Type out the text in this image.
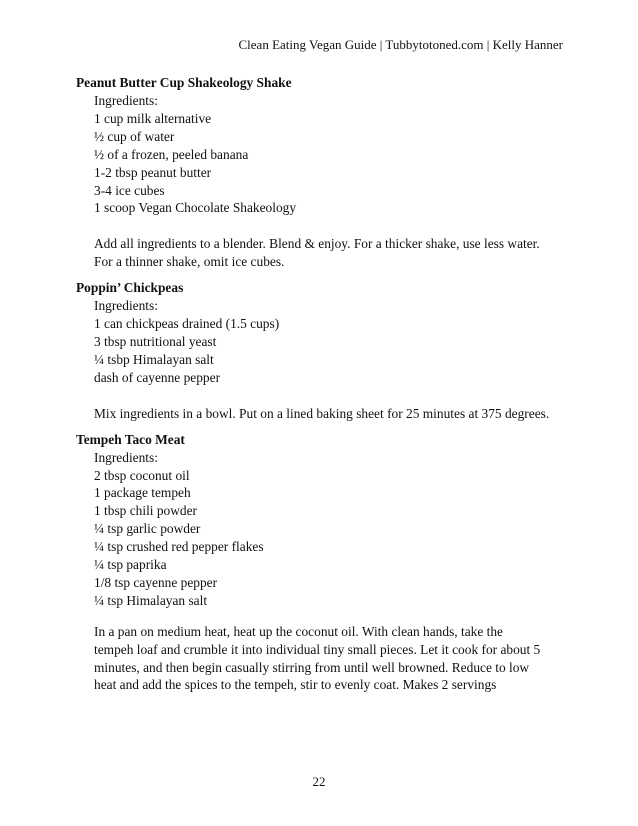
Clean Eating Vegan Guide | Tubbytotoned.com | Kelly Hanner
Peanut Butter Cup Shakeology Shake
Ingredients:
1 cup milk alternative
½ cup of water
½ of a frozen, peeled banana
1-2 tbsp peanut butter
3-4 ice cubes
1 scoop Vegan Chocolate Shakeology
Add all ingredients to a blender. Blend & enjoy. For a thicker shake, use less water.
For a thinner shake, omit ice cubes.
Poppin’ Chickpeas
Ingredients:
1 can chickpeas drained (1.5 cups)
3 tbsp nutritional yeast
¼ tsbp Himalayan salt
dash of cayenne pepper
Mix ingredients in a bowl. Put on a lined baking sheet for 25 minutes at 375 degrees.
Tempeh Taco Meat
Ingredients:
2 tbsp coconut oil
1 package tempeh
1 tbsp chili powder
¼ tsp garlic powder
¼ tsp crushed red pepper flakes
¼ tsp paprika
1/8 tsp cayenne pepper
¼ tsp Himalayan salt
In a pan on medium heat, heat up the coconut oil. With clean hands, take the
tempeh loaf and crumble it into individual tiny small pieces. Let it cook for about 5
minutes, and then begin casually stirring from until well browned. Reduce to low
heat and add the spices to the tempeh, stir to evenly coat. Makes 2 servings
22
